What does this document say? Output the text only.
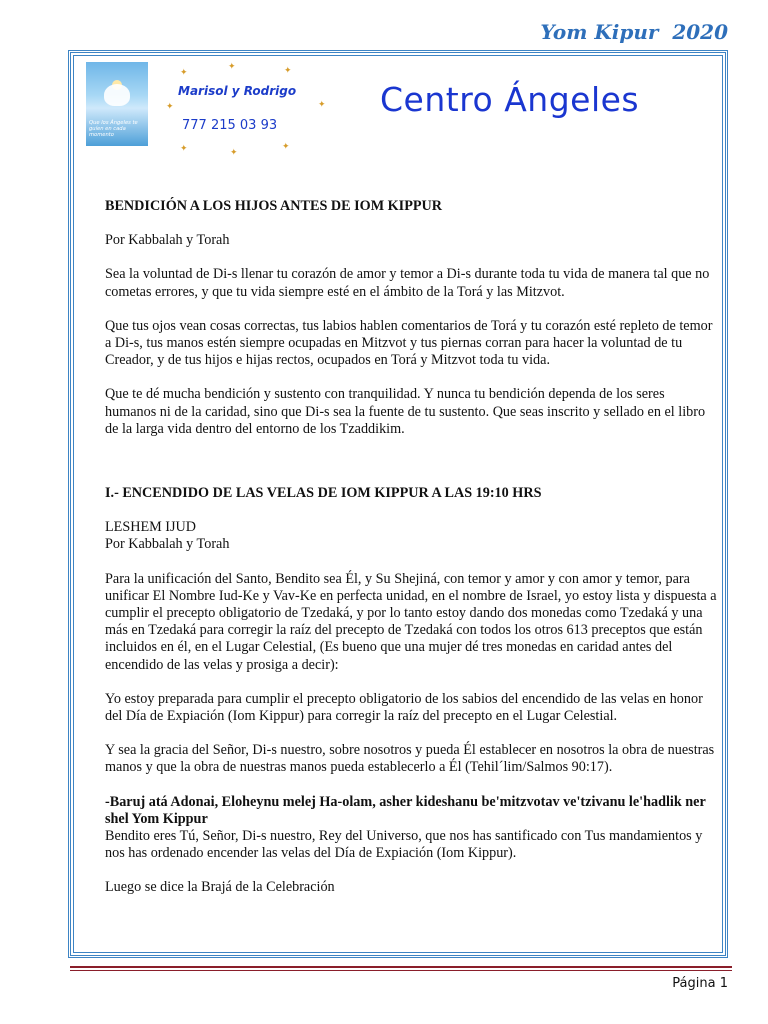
Yom Kipur  2020
Que los Ángeles te guíen en cada momento
✦
✦	✦
✦	✦
✦	✦
✦
Marisol y Rodrigo
777 215 03 93
Centro Ángeles

BENDICIÓN A LOS HIJOS ANTES DE IOM KIPPUR

Por Kabbalah y Torah

Sea la voluntad de Di-s llenar tu corazón de amor y temor a Di-s durante toda tu vida de manera tal que no cometas errores, y que tu vida siempre esté en el ámbito de la Torá y las Mitzvot.

Que tus ojos vean cosas correctas, tus labios hablen comentarios de Torá y tu corazón esté repleto de temor a Di-s, tus manos estén siempre ocupadas en Mitzvot y tus piernas corran para hacer la voluntad de tu Creador, y de tus hijos e hijas rectos, ocupados en Torá y Mitzvot toda tu vida.

Que te dé mucha bendición y sustento con tranquilidad. Y nunca tu bendición dependa de los seres humanos ni de la caridad, sino que Di-s sea la fuente de tu sustento. Que seas inscrito y sellado en el libro de la larga vida dentro del entorno de los Tzaddikim.

I.- ENCENDIDO DE LAS VELAS DE IOM KIPPUR A LAS 19:10 HRS

LESHEM IJUD

Por Kabbalah y Torah

Para la unificación del Santo, Bendito sea Él, y Su Shejiná, con temor y amor y con amor y temor, para unificar El Nombre Iud-Ke y Vav-Ke en perfecta unidad, en el nombre de Israel, yo estoy lista y dispuesta a cumplir el precepto obligatorio de Tzedaká, y por lo tanto estoy dando dos monedas como Tzedaká y una más en Tzedaká para corregir la raíz del precepto de Tzedaká con todos los otros 613 preceptos que están incluidos en él, en el Lugar Celestial, (Es bueno que una mujer dé tres monedas en caridad antes del encendido de las velas y prosiga a decir):

Yo estoy preparada para cumplir el precepto obligatorio de los sabios del encendido de las velas en honor del Día de Expiación (Iom Kippur) para corregir la raíz del precepto en el Lugar Celestial.

Y sea la gracia del Señor, Di-s nuestro, sobre nosotros y pueda Él establecer en nosotros la obra de nuestras manos y que la obra de nuestras manos pueda establecerlo a Él (Tehil´lim/Salmos 90:17).

-Baruj atá Adonai, Eloheynu melej Ha-olam, asher kideshanu be'mitzvotav ve'tzivanu le'hadlik ner shel Yom Kippur

Bendito eres Tú, Señor, Di-s nuestro, Rey del Universo, que nos has santificado con Tus mandamientos y nos has ordenado encender las velas del Día de Expiación (Iom Kippur).

Luego se dice la Brajá de la Celebración

Página 1
